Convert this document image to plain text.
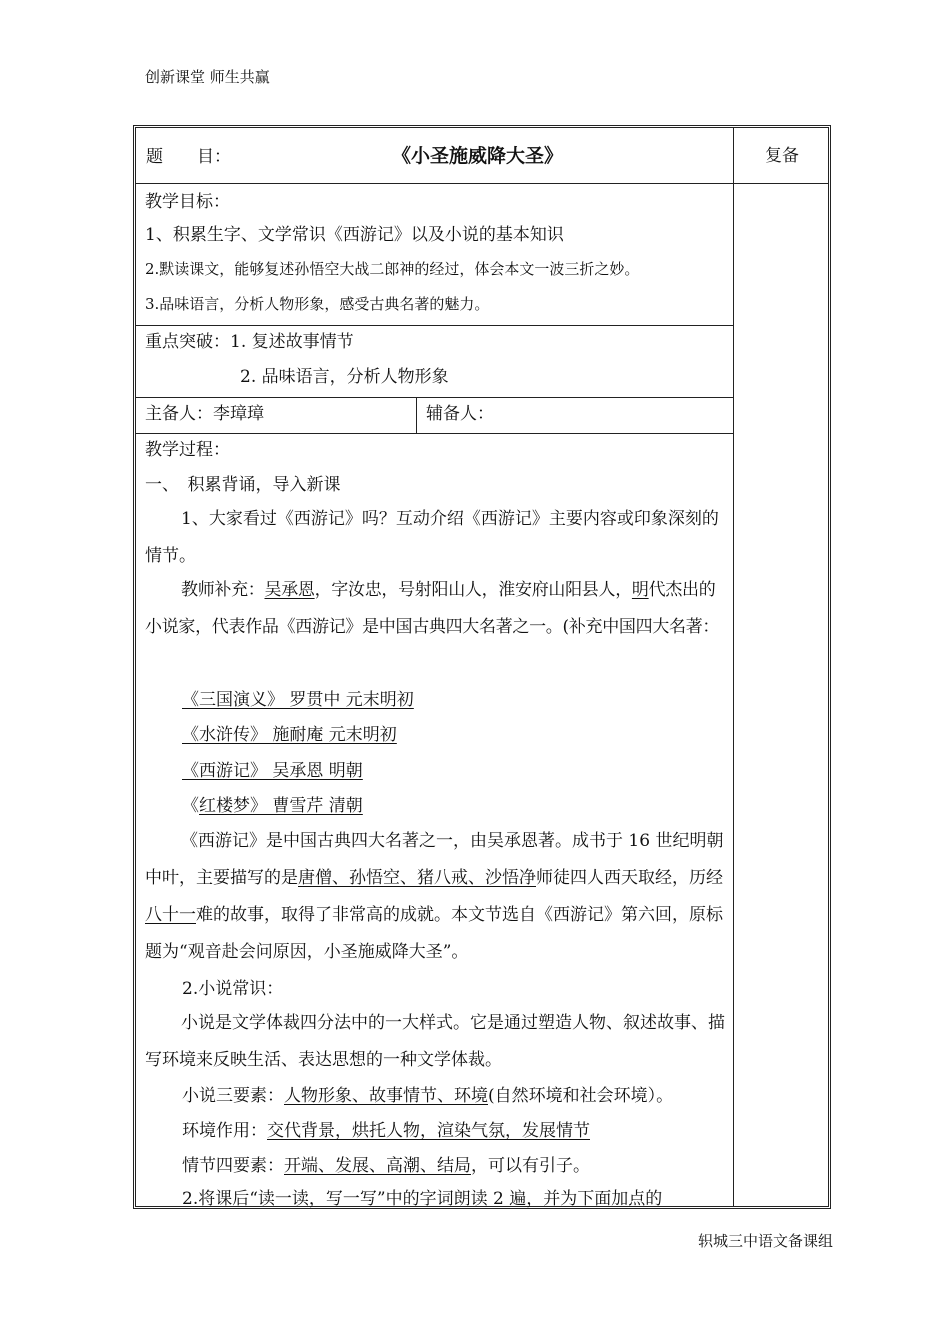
创新课堂 师生共赢
题　　目：	《小圣施威降大圣》	复备
教学目标：
1、积累生字、文学常识《西游记》以及小说的基本知识
2.默读课文，能够复述孙悟空大战二郎神的经过，体会本文一波三折之妙。
3.品味语言，分析人物形象，感受古典名著的魅力。
重点突破：1. 复述故事情节
2. 品味语言，分析人物形象
主备人：李璋璋	辅备人：
教学过程：
一、　积累背诵，导入新课
1、大家看过《西游记》吗？互动介绍《西游记》主要内容或印象深刻的情节。
教师补充：吴承恩，字汝忠，号射阳山人，淮安府山阳县人，明代杰出的小说家，代表作品《西游记》是中国古典四大名著之一。(补充中国四大名著：
《三国演义》 罗贯中 元末明初
《水浒传》 施耐庵 元末明初
《西游记》 吴承恩 明朝
《红楼梦》 曹雪芹 清朝
《西游记》是中国古典四大名著之一，由吴承恩著。成书于 16 世纪明朝中叶，主要描写的是唐僧、孙悟空、猪八戒、沙悟净师徒四人西天取经，历经八十一难的故事，取得了非常高的成就。本文节选自《西游记》第六回，原标题为“观音赴会问原因，小圣施威降大圣”。
2.小说常识：
小说是文学体裁四分法中的一大样式。它是通过塑造人物、叙述故事、描写环境来反映生活、表达思想的一种文学体裁。
小说三要素：人物形象、故事情节、环境(自然环境和社会环境）。
环境作用：交代背景，烘托人物，渲染气氛，发展情节
情节四要素：开端、发展、高潮、结局，可以有引子。
2.将课后“读一读，写一写”中的字词朗读 2 遍，并为下面加点的
轵城三中语文备课组
